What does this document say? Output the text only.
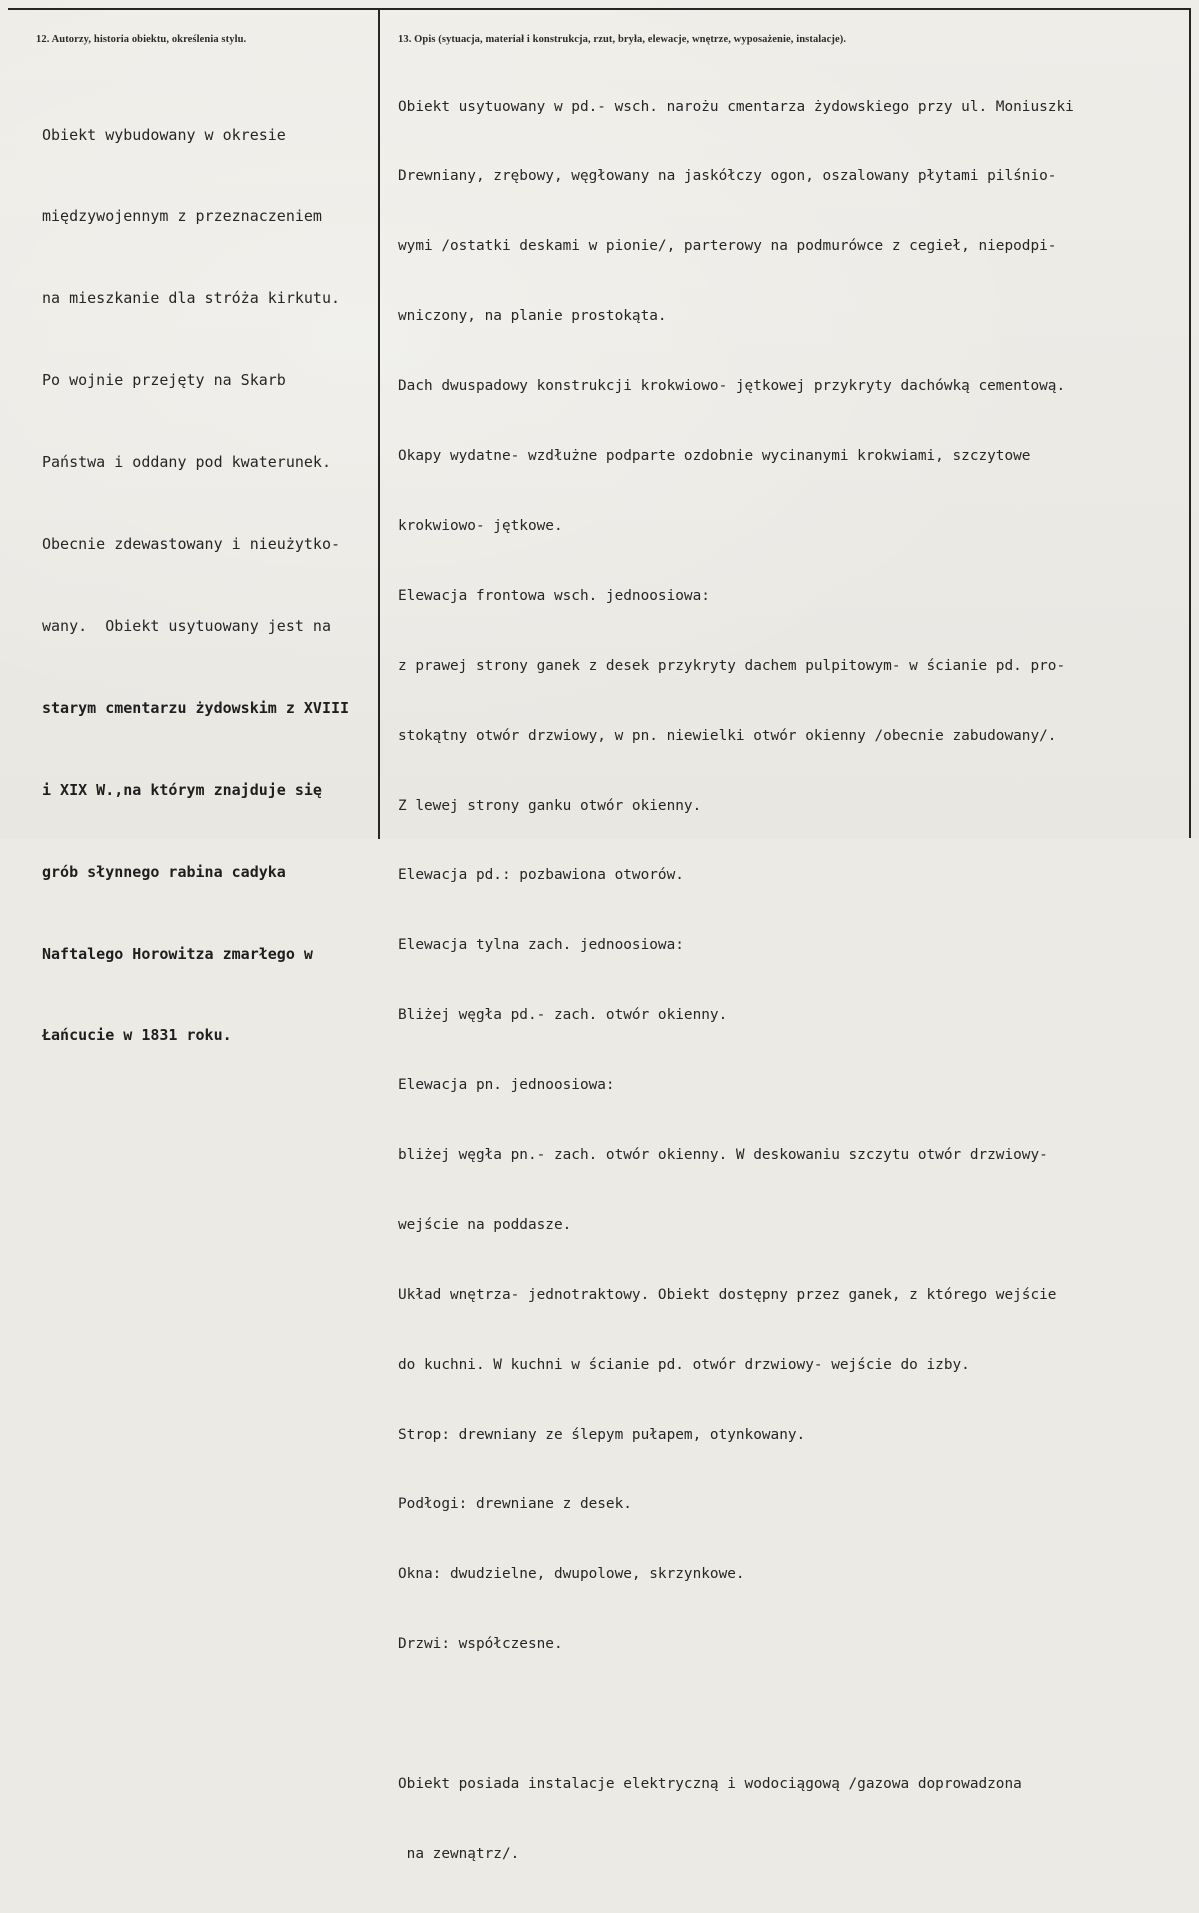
12. Autorzy, historia obiektu, określenia stylu.	13. Opis (sytuacja, materiał i konstrukcja, rzut, bryła, elewacje, wnętrze, wyposażenie, instalacje).

Obiekt wybudowany w okresie

międzywojennym z przeznaczeniem

na mieszkanie dla stróża kirkutu.

Po wojnie przejęty na Skarb

Państwa i oddany pod kwaterunek.

Obecnie zdewastowany i nieużytko-

wany.  Obiekt usytuowany jest na

starym cmentarzu żydowskim z XVIII

i XIX W.,na którym znajduje się

grób słynnego rabina cadyka

Naftalego Horowitza zmarłego w

Łańcucie w 1831 roku.

Obiekt usytuowany w pd.- wsch. narożu cmentarza żydowskiego przy ul. Moniuszki

Drewniany, zrębowy, węgłowany na jaskółczy ogon, oszalowany płytami pilśnio-

wymi /ostatki deskami w pionie/, parterowy na podmurówce z cegieł, niepodpi-

wniczony, na planie prostokąta.

Dach dwuspadowy konstrukcji krokwiowo- jętkowej przykryty dachówką cementową.

Okapy wydatne- wzdłużne podparte ozdobnie wycinanymi krokwiami, szczytowe

krokwiowo- jętkowe.

Elewacja frontowa wsch. jednoosiowa:

z prawej strony ganek z desek przykryty dachem pulpitowym- w ścianie pd. pro-

stokątny otwór drzwiowy, w pn. niewielki otwór okienny /obecnie zabudowany/.

Z lewej strony ganku otwór okienny.

Elewacja pd.: pozbawiona otworów.

Elewacja tylna zach. jednoosiowa:

Bliżej węgła pd.- zach. otwór okienny.

Elewacja pn. jednoosiowa:

bliżej węgła pn.- zach. otwór okienny. W deskowaniu szczytu otwór drzwiowy-

wejście na poddasze.

Układ wnętrza- jednotraktowy. Obiekt dostępny przez ganek, z którego wejście

do kuchni. W kuchni w ścianie pd. otwór drzwiowy- wejście do izby.

Strop: drewniany ze ślepym pułapem, otynkowany.

Podłogi: drewniane z desek.

Okna: dwudzielne, dwupolowe, skrzynkowe.

Drzwi: współczesne.

Obiekt posiada instalacje elektryczną i wodociągową /gazowa doprowadzona

na zewnątrz/.
